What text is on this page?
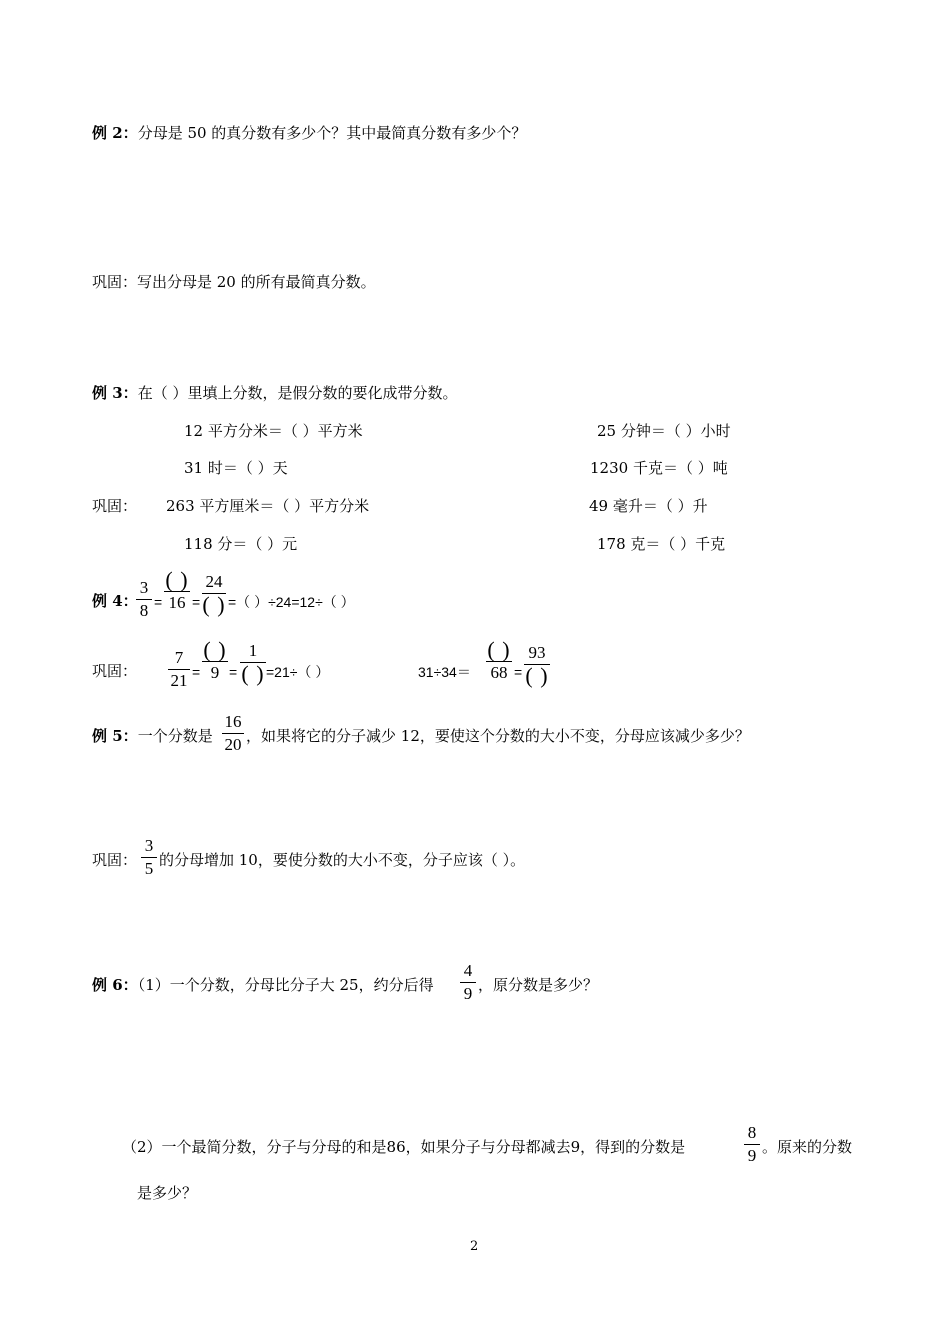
例 2：分母是 50 的真分数有多少个？其中最简真分数有多少个？
巩固：写出分母是 20 的所有最简真分数。
例 3：在（ ）里填上分数，是假分数的要化成带分数。
12 平方分米＝（ ）平方米	25 分钟＝（ ）小时
31 时＝（ ）天	1230 千克＝（ ）吨
巩固： 263 平方厘米＝（ ）平方分米	49 毫升＝（ ）升
118 分＝（ ）元	178 克＝（ ）千克
例 4：
3
8 =
( )
16 =
24
( ) =（ ）÷24=12÷（ ）
巩固：
7
21 =
( )
9 =
1
( ) =21÷（ ）	31÷34＝
( )
68 =
93
( )
例 5：一个分数是
16
20 ，如果将它的分子减少 12，要使这个分数的大小不变，分母应该减少多少？
巩固：
3
5 的分母增加 10，要使分数的大小不变，分子应该（ ）。
例 6：（1）一个分数，分母比分子大 25，约分后得
4
9 ，原分数是多少？
（2）一个最简分数，分子与分母的和是86，如果分子与分母都减去9，得到的分数是
8
9 。原来的分数
是多少？
2
